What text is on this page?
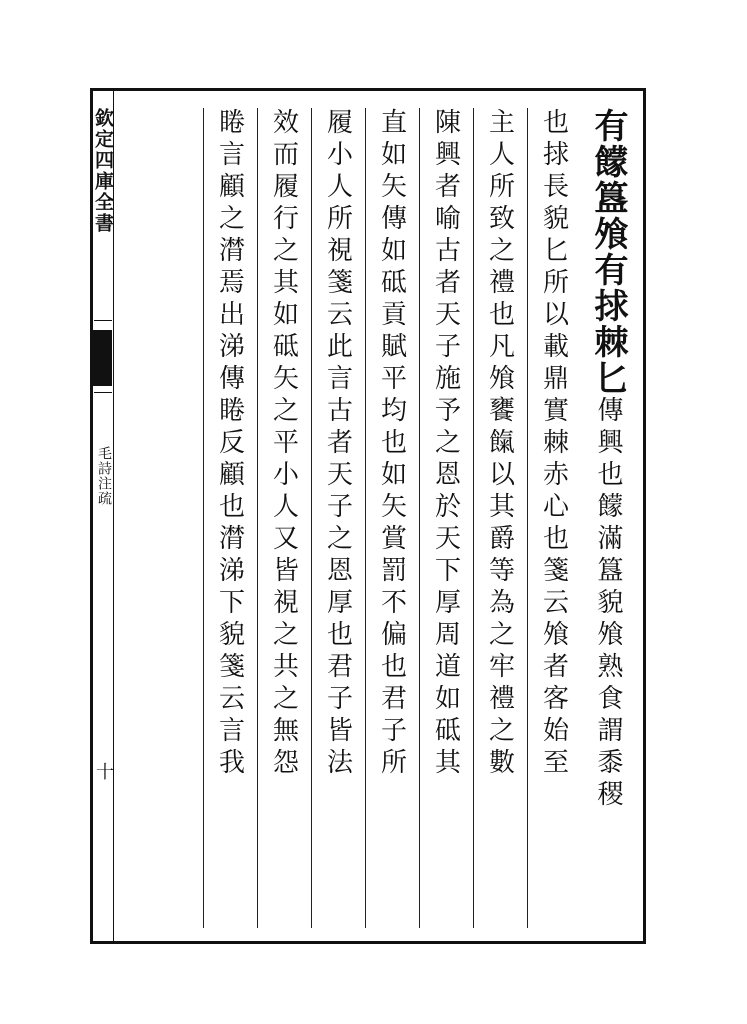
欽定四庫全書
毛詩注疏
十
有饛簋飧有捄棘匕
傳興也饛滿簋貌飧熟食謂黍稷
也捄長貌匕所以載鼎實棘赤心也箋云飧者客始至
主人所致之禮也凡飧饔餼以其爵等為之牢禮之數
陳興者喻古者天子施予之恩於天下厚周道如砥其
直如矢傳如砥貢賦平均也如矢賞罰不偏也君子所
履小人所視箋云此言古者天子之恩厚也君子皆法
效而履行之其如砥矢之平小人又皆視之共之無怨
睠言顧之潸焉出涕傳睠反顧也潸涕下貌箋云言我
